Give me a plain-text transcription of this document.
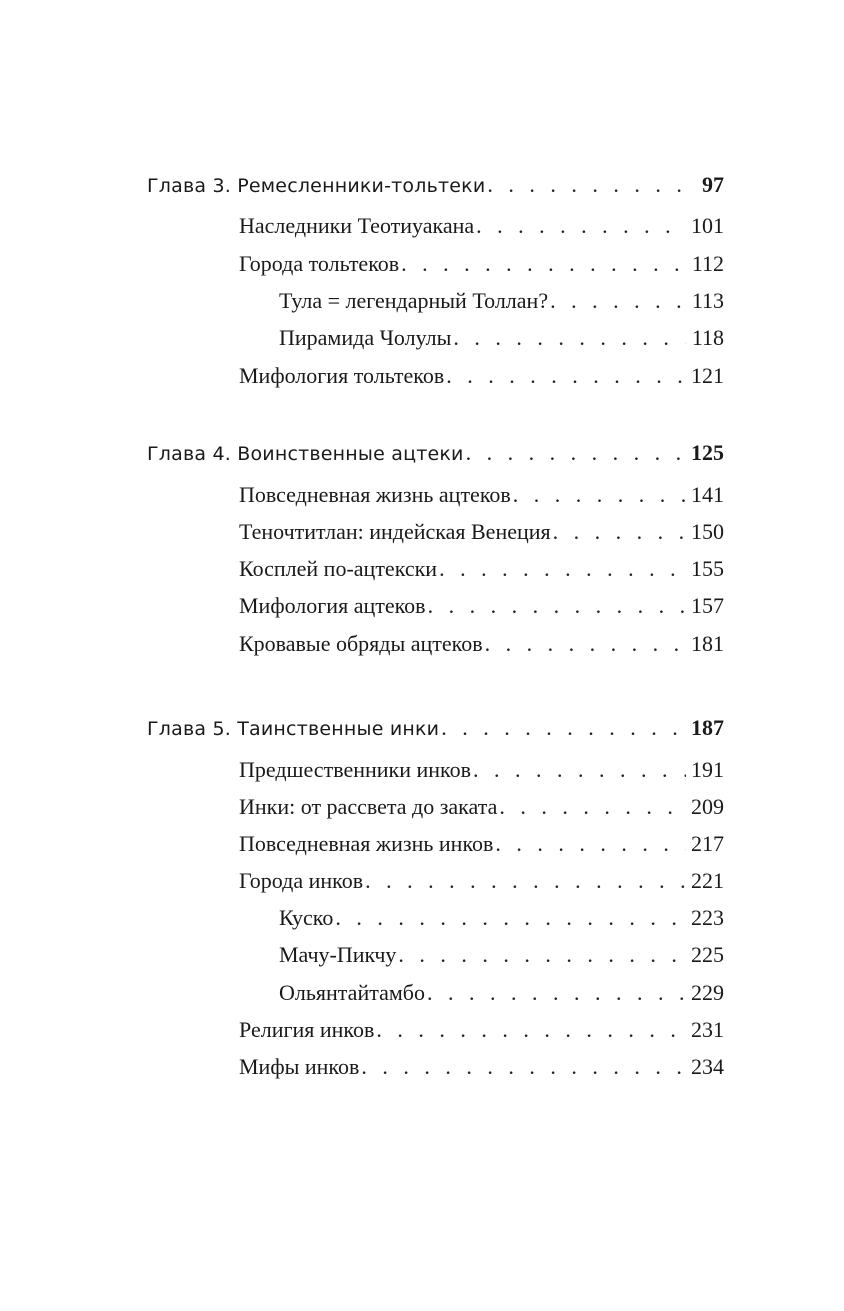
Глава 3. Ремесленники-тольтеки . . .	97
Наследники Теотиуакана . . .	101
Города тольтеков . . .	112
Тула = легендарный Толлан? . . .	113
Пирамида Чолулы . . .	118
Мифология тольтеков . . .	121
Глава 4. Воинственные ацтеки . . .	125
Повседневная жизнь ацтеков . . .	141
Теночтитлан: индейская Венеция . . .	150
Косплей по-ацтекски . . .	155
Мифология ацтеков . . .	157
Кровавые обряды ацтеков . . .	181
Глава 5. Таинственные инки . . .	187
Предшественники инков . . .	191
Инки: от рассвета до заката . . .	209
Повседневная жизнь инков . . .	217
Города инков . . .	221
Куско . . .	223
Мачу-Пикчу . . .	225
Ольянтайтамбо . . .	229
Религия инков . . .	231
Мифы инков . . .	234
